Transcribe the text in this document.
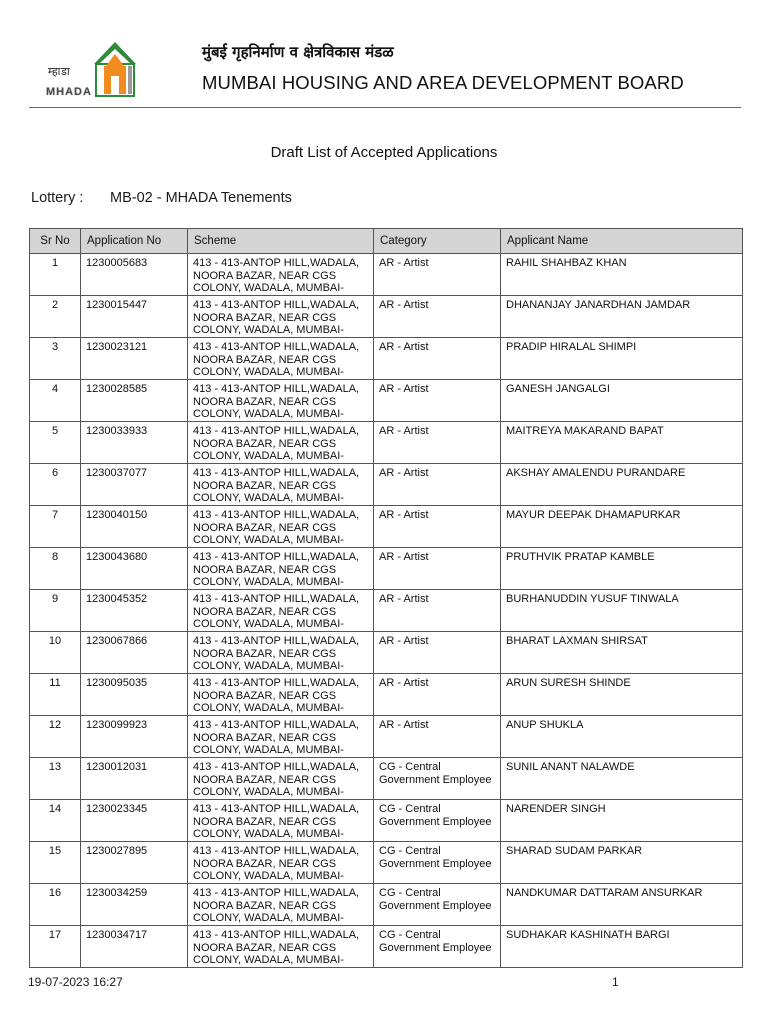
म्हाडा
MHADA
मुंबई गृहनिर्माण व क्षेत्रविकास मंडळ
MUMBAI HOUSING AND AREA DEVELOPMENT BOARD
Draft List of Accepted Applications
Lottery : MB-02 - MHADA Tenements
Sr No	Application No	Scheme	Category	Applicant Name

1	1230005683	413 - 413-ANTOP HILL,WADALA, NOORA BAZAR, NEAR CGS COLONY, WADALA, MUMBAI-	AR - Artist	RAHIL SHAHBAZ KHAN

2	1230015447	413 - 413-ANTOP HILL,WADALA, NOORA BAZAR, NEAR CGS COLONY, WADALA, MUMBAI-	AR - Artist	DHANANJAY JANARDHAN JAMDAR

3	1230023121	413 - 413-ANTOP HILL,WADALA, NOORA BAZAR, NEAR CGS COLONY, WADALA, MUMBAI-	AR - Artist	PRADIP HIRALAL SHIMPI

4	1230028585	413 - 413-ANTOP HILL,WADALA, NOORA BAZAR, NEAR CGS COLONY, WADALA, MUMBAI-	AR - Artist	GANESH JANGALGI

5	1230033933	413 - 413-ANTOP HILL,WADALA, NOORA BAZAR, NEAR CGS COLONY, WADALA, MUMBAI-	AR - Artist	MAITREYA MAKARAND BAPAT

6	1230037077	413 - 413-ANTOP HILL,WADALA, NOORA BAZAR, NEAR CGS COLONY, WADALA, MUMBAI-	AR - Artist	AKSHAY AMALENDU PURANDARE

7	1230040150	413 - 413-ANTOP HILL,WADALA, NOORA BAZAR, NEAR CGS COLONY, WADALA, MUMBAI-	AR - Artist	MAYUR DEEPAK DHAMAPURKAR

8	1230043680	413 - 413-ANTOP HILL,WADALA, NOORA BAZAR, NEAR CGS COLONY, WADALA, MUMBAI-	AR - Artist	PRUTHVIK PRATAP KAMBLE

9	1230045352	413 - 413-ANTOP HILL,WADALA, NOORA BAZAR, NEAR CGS COLONY, WADALA, MUMBAI-	AR - Artist	BURHANUDDIN YUSUF TINWALA

10	1230067866	413 - 413-ANTOP HILL,WADALA, NOORA BAZAR, NEAR CGS COLONY, WADALA, MUMBAI-	AR - Artist	BHARAT LAXMAN SHIRSAT

11	1230095035	413 - 413-ANTOP HILL,WADALA, NOORA BAZAR, NEAR CGS COLONY, WADALA, MUMBAI-	AR - Artist	ARUN SURESH SHINDE

12	1230099923	413 - 413-ANTOP HILL,WADALA, NOORA BAZAR, NEAR CGS COLONY, WADALA, MUMBAI-	AR - Artist	ANUP SHUKLA

13	1230012031	413 - 413-ANTOP HILL,WADALA, NOORA BAZAR, NEAR CGS COLONY, WADALA, MUMBAI-	CG - Central Government Employee	SUNIL ANANT NALAWDE

14	1230023345	413 - 413-ANTOP HILL,WADALA, NOORA BAZAR, NEAR CGS COLONY, WADALA, MUMBAI-	CG - Central Government Employee	NARENDER SINGH

15	1230027895	413 - 413-ANTOP HILL,WADALA, NOORA BAZAR, NEAR CGS COLONY, WADALA, MUMBAI-	CG - Central Government Employee	SHARAD SUDAM PARKAR

16	1230034259	413 - 413-ANTOP HILL,WADALA, NOORA BAZAR, NEAR CGS COLONY, WADALA, MUMBAI-	CG - Central Government Employee	NANDKUMAR DATTARAM ANSURKAR

17	1230034717	413 - 413-ANTOP HILL,WADALA, NOORA BAZAR, NEAR CGS COLONY, WADALA, MUMBAI-	CG - Central Government Employee	SUDHAKAR KASHINATH BARGI
19-07-2023 16:27	1
